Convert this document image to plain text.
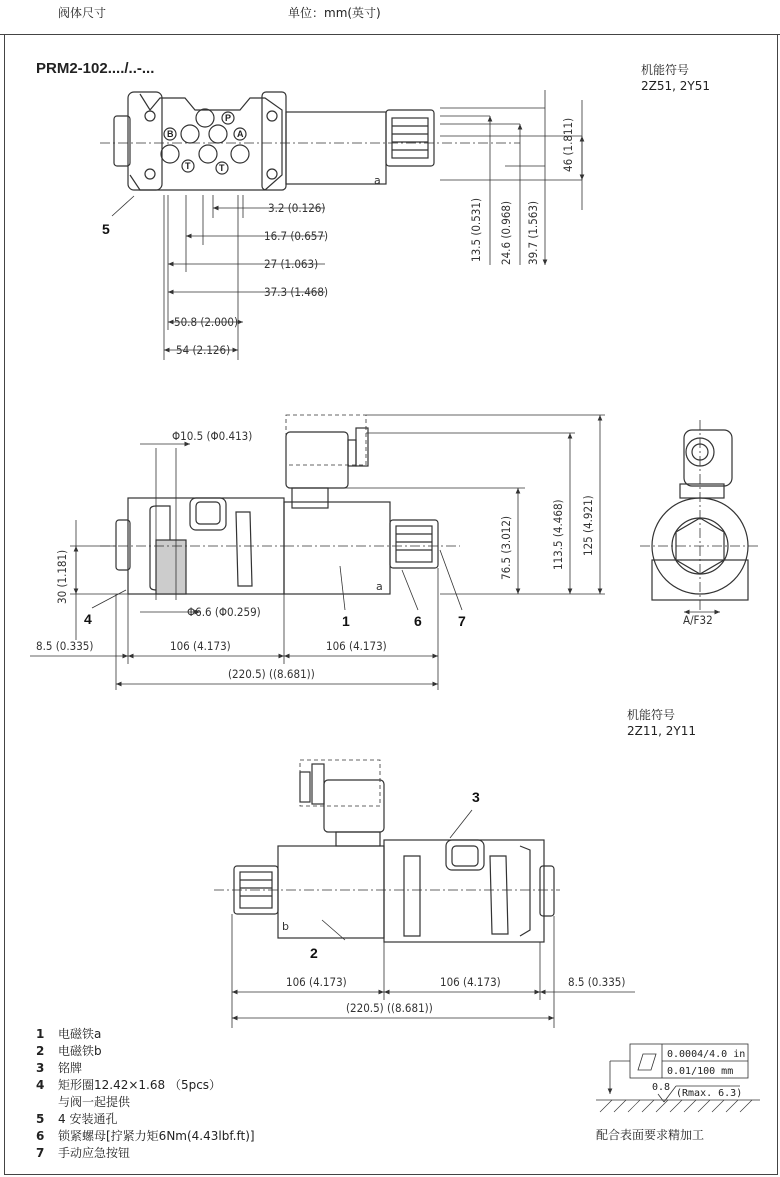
阀体尺寸	单位：mm(英寸)
PRM2-102..../..-...	机能符号
2Z51, 2Y51
机能符号
2Z11, 2Y11
3.2 (0.126)
16.7 (0.657)
27 (1.063)
37.3 (1.468)
50.8 (2.000)
54 (2.126)
13.5 (0.531) 24.6 (0.968) 39.7 (1.563)
46 (1.811)
Φ10.5 (Φ0.413)
Φ6.6 (Φ0.259)
30 (1.181)	76.5 (3.012)	113.5 (4.468) 125 (4.921)
8.5 (0.335)	106 (4.173)	106 (4.173)
(220.5) ((8.681))
A/F32
106 (4.173)	106 (4.173)	8.5 (0.335)
(220.5) ((8.681))
P
B	A
T	T
a
a
b
5
4	1	6	7
3
2
0.0004/4.0 in
0.01/100 mm
0.8
(Rmax. 6.3)
1	电磁铁a
2	电磁铁b
3	铭牌
4	矩形圈12.42×1.68 （5pcs）
与阀一起提供
5	4 安装通孔
6	锁紧螺母[拧紧力矩6Nm(4.43lbf.ft)]
7	手动应急按钮
配合表面要求精加工
